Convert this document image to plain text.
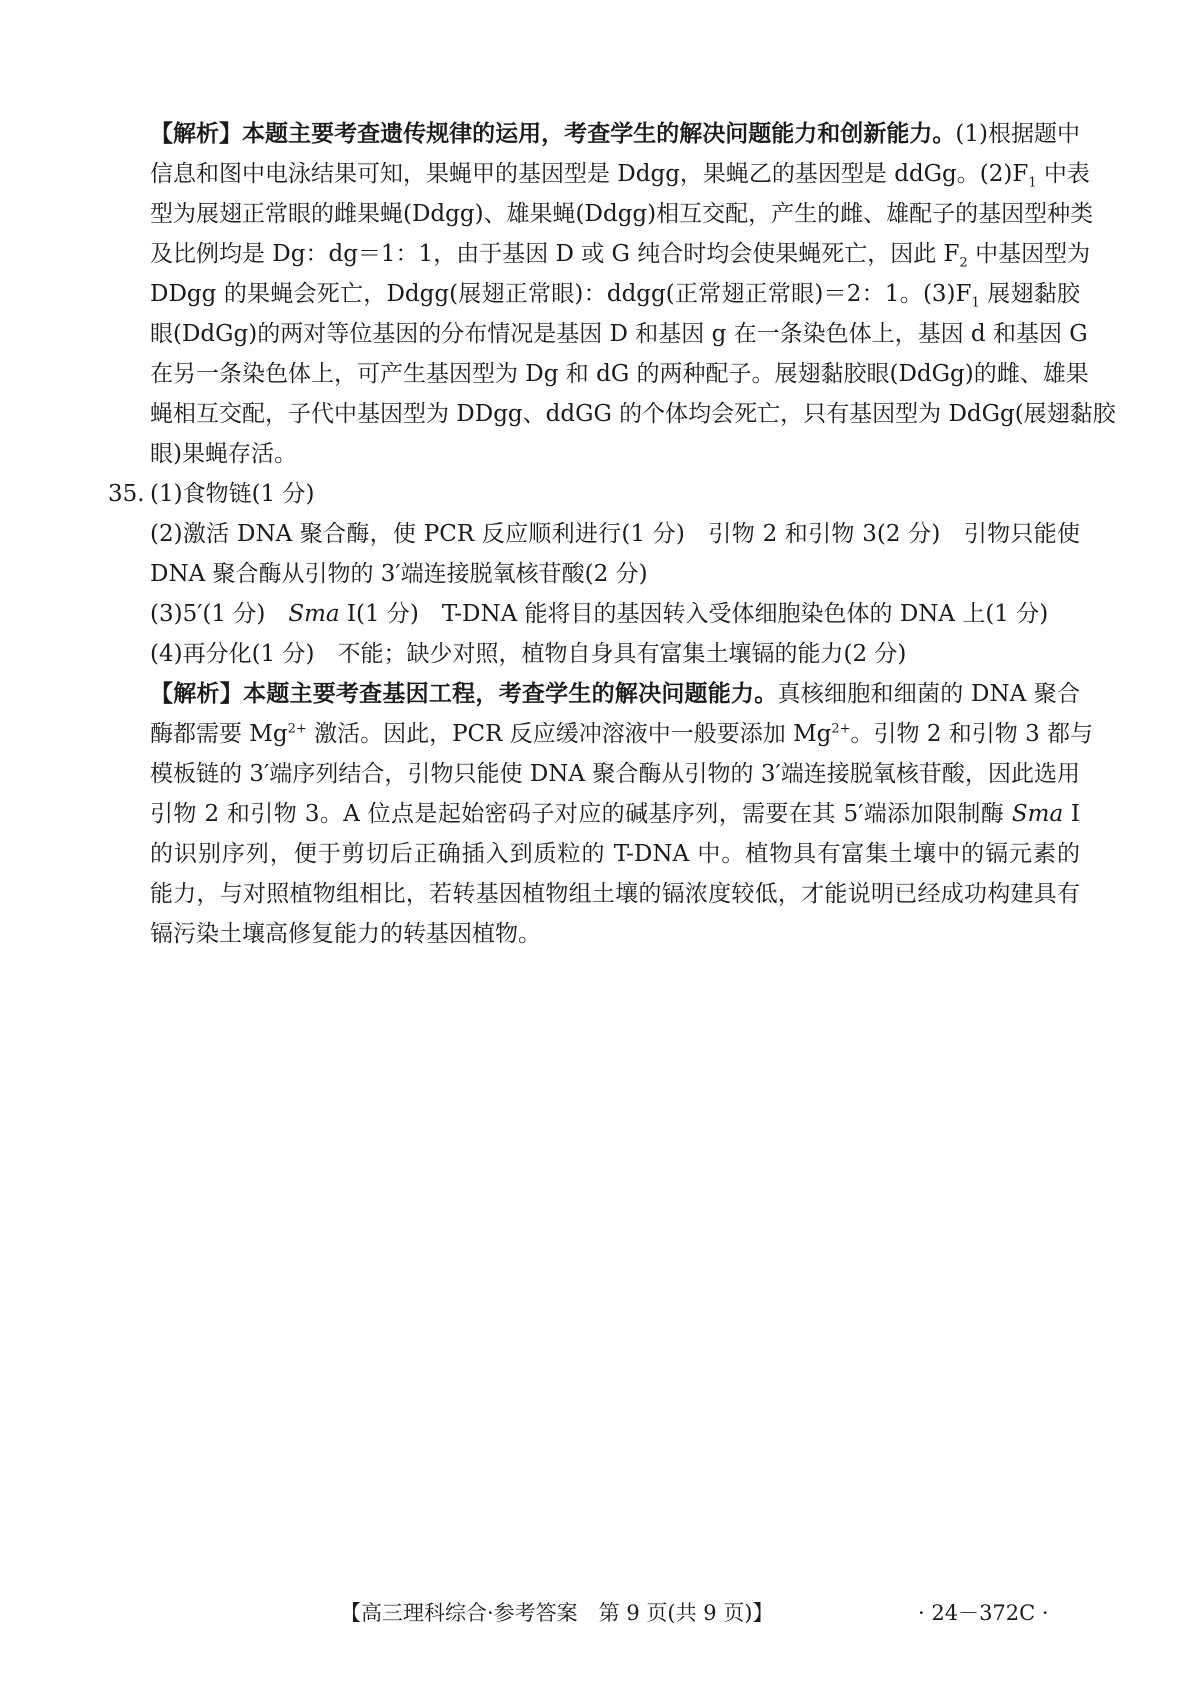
【解析】本题主要考查遗传规律的运用，考查学生的解决问题能力和创新能力。(1)根据题中
信息和图中电泳结果可知，果蝇甲的基因型是 Ddgg，果蝇乙的基因型是 ddGg。$(2)F_1$ 中表
型为展翅正常眼的雌果蝇(Ddgg)、雄果蝇(Ddgg)相互交配，产生的雌、雄配子的基因型种类
及比例均是 Dg：dg＝1：1，由于基因 D 或 G 纯合时均会使果蝇死亡，因此 $F_2$ 中基因型为
DDgg 的果蝇会死亡，Ddgg(展翅正常眼)：ddgg(正常翅正常眼)＝2：1。$(3)F_1$ 展翅黏胶
眼(DdGg)的两对等位基因的分布情况是基因 D 和基因 g 在一条染色体上，基因 d 和基因 G
在另一条染色体上，可产生基因型为 Dg 和 dG 的两种配子。展翅黏胶眼(DdGg)的雌、雄果
蝇相互交配，子代中基因型为 DDgg、ddGG 的个体均会死亡，只有基因型为 DdGg(展翅黏胶
眼)果蝇存活。
35. (1)食物链(1 分)
(2)激活 DNA 聚合酶，使 PCR 反应顺利进行(1 分)　引物 2 和引物 3(2 分)　引物只能使
DNA 聚合酶从引物的 3′端连接脱氧核苷酸(2 分)
(3)5′(1 分)　Sma Ⅰ(1 分)　T-DNA 能将目的基因转入受体细胞染色体的 DNA 上(1 分)
(4)再分化(1 分)　不能；缺少对照，植物自身具有富集土壤镉的能力(2 分)
【解析】本题主要考查基因工程，考查学生的解决问题能力。真核细胞和细菌的 DNA 聚合
酶都需要 $Mg^{2+}$ 激活。因此，PCR 反应缓冲溶液中一般要添加 $Mg^{2+}$。引物 2 和引物 3 都与
模板链的 3′端序列结合，引物只能使 DNA 聚合酶从引物的 3′端连接脱氧核苷酸，因此选用
引物 2 和引物 3。A 位点是起始密码子对应的碱基序列，需要在其 5′端添加限制酶 Sma Ⅰ
的识别序列，便于剪切后正确插入到质粒的 T-DNA 中。植物具有富集土壤中的镉元素的
能力，与对照植物组相比，若转基因植物组土壤的镉浓度较低，才能说明已经成功构建具有
镉污染土壤高修复能力的转基因植物。
【高三理科综合·参考答案　第 9 页(共 9 页)】	· 24－372C ·
